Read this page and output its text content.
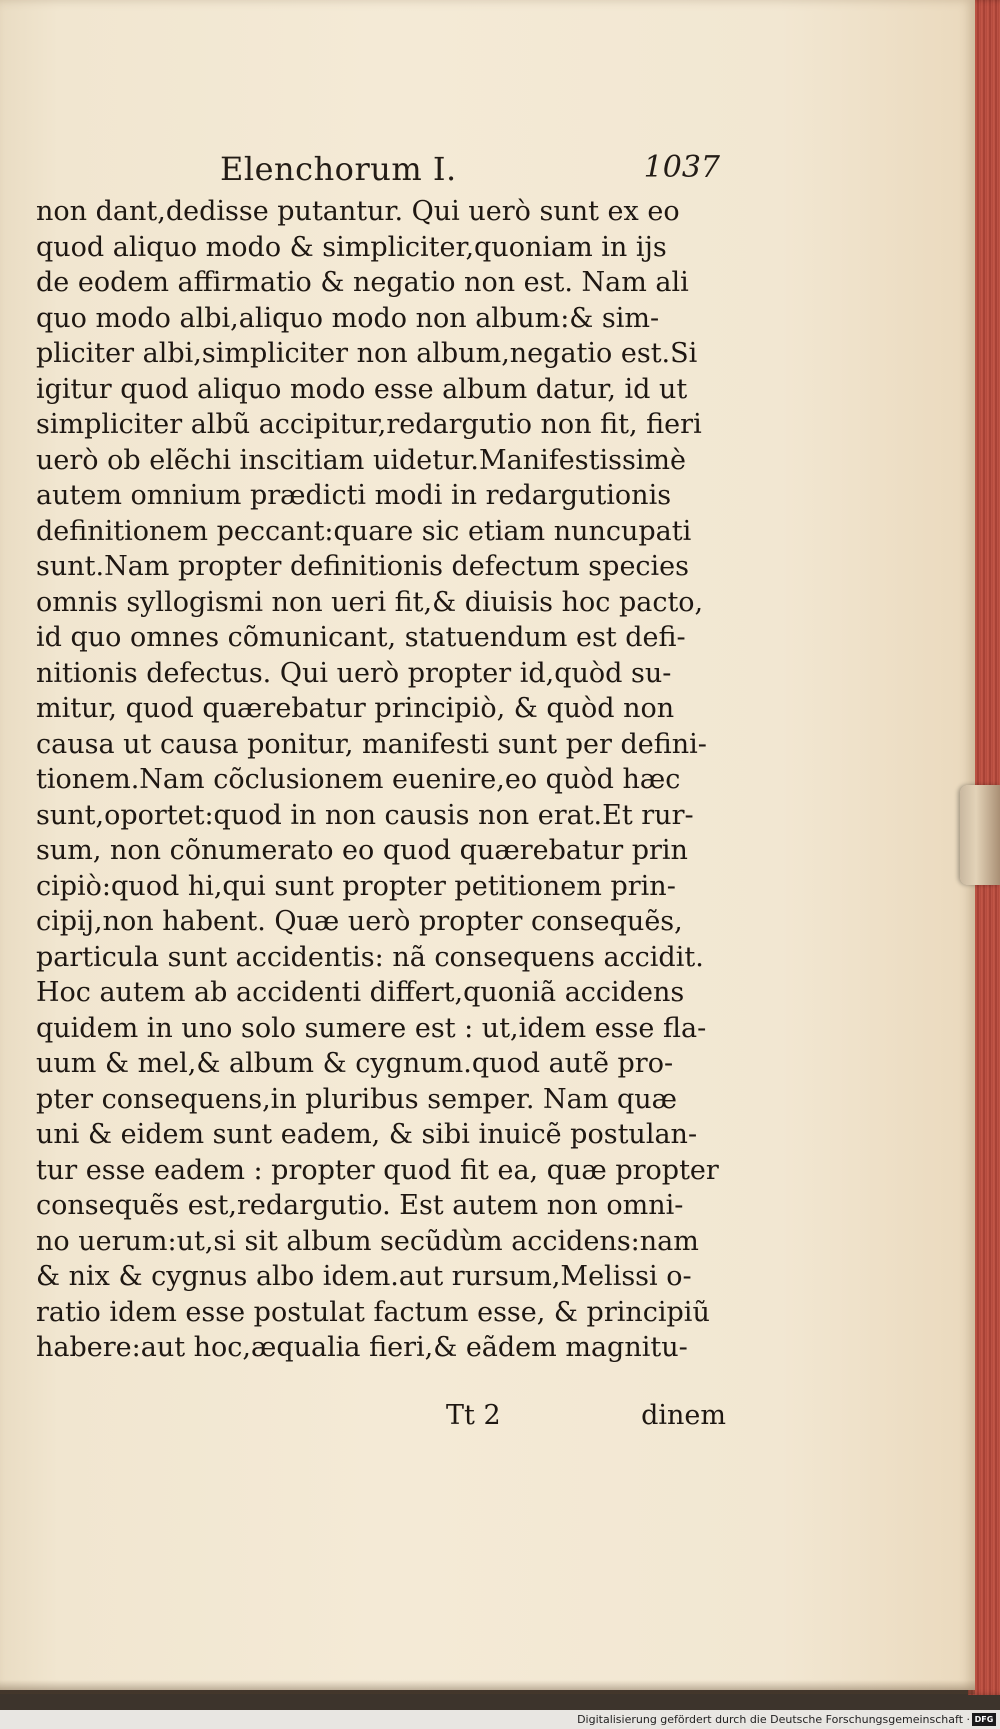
Elenchorum I.	1037
non dant,dedisse putantur. Qui uerò sunt ex eo
quod aliquo modo & simpliciter,quoniam in ijs
de eodem affirmatio & negatio non est. Nam ali
quo modo albi,aliquo modo non album:& sim-
pliciter albi,simpliciter non album,negatio est.Si
igitur quod aliquo modo esse album datur, id ut
simpliciter albũ accipitur,redargutio non fit, fieri
uerò ob elẽchi inscitiam uidetur.Manifestissimè
autem omnium prædicti modi in redargutionis
definitionem peccant:quare sic etiam nuncupati
sunt.Nam propter definitionis defectum species
omnis syllogismi non ueri fit,& diuisis hoc pacto,
id quo omnes cõmunicant, statuendum est defi-
nitionis defectus. Qui uerò propter id,quòd su-
mitur, quod quærebatur principiò, & quòd non
causa ut causa ponitur, manifesti sunt per defini-
tionem.Nam cõclusionem euenire,eo quòd hæc
sunt,oportet:quod in non causis non erat.Et rur-
sum, non cõnumerato eo quod quærebatur prin
cipiò:quod hi,qui sunt propter petitionem prin-
cipij,non habent. Quæ uerò propter consequẽs,
particula sunt accidentis: nã consequens accidit.
Hoc autem ab accidenti differt,quoniã accidens
quidem in uno solo sumere est : ut,idem esse fla-
uum & mel,& album & cygnum.quod autẽ pro-
pter consequens,in pluribus semper. Nam quæ
uni & eidem sunt eadem, & sibi inuicẽ postulan-
tur esse eadem : propter quod fit ea, quæ propter
consequẽs est,redargutio. Est autem non omni-
no uerum:ut,si sit album secũdùm accidens:nam
& nix & cygnus albo idem.aut rursum,Melissi o-
ratio idem esse postulat factum esse, & principiũ
habere:aut hoc,æqualia fieri,& eãdem magnitu-
Tt 2	dinem
Digitalisierung gefördert durch die Deutsche Forschungsgemeinschaft · DFG
